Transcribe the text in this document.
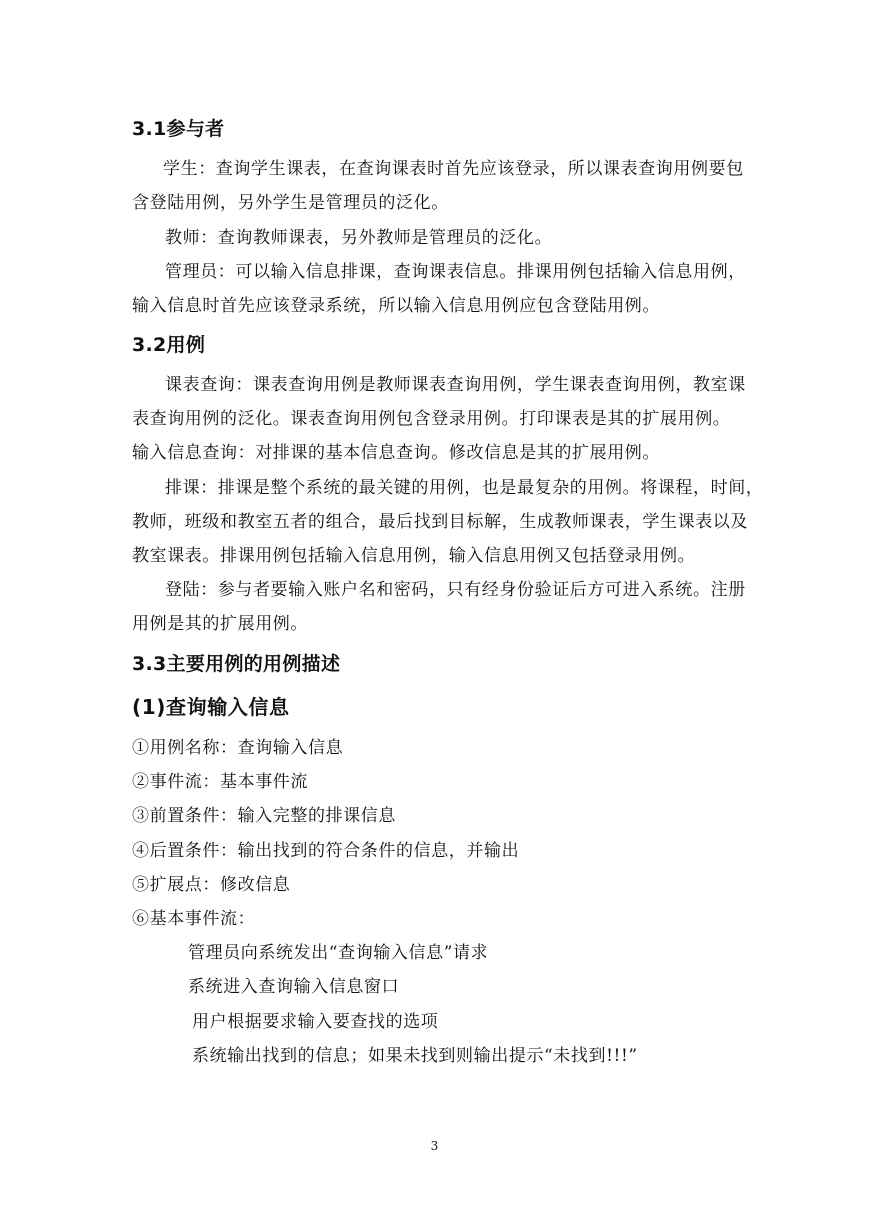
3.1参与者
学生：查询学生课表，在查询课表时首先应该登录，所以课表查询用例要包
含登陆用例，另外学生是管理员的泛化。
教师：查询教师课表，另外教师是管理员的泛化。
管理员：可以输入信息排课，查询课表信息。排课用例包括输入信息用例，
输入信息时首先应该登录系统，所以输入信息用例应包含登陆用例。
3.2用例
课表查询：课表查询用例是教师课表查询用例，学生课表查询用例，教室课
表查询用例的泛化。课表查询用例包含登录用例。打印课表是其的扩展用例。
输入信息查询：对排课的基本信息查询。修改信息是其的扩展用例。
排课：排课是整个系统的最关键的用例，也是最复杂的用例。将课程，时间，
教师，班级和教室五者的组合，最后找到目标解，生成教师课表，学生课表以及
教室课表。排课用例包括输入信息用例，输入信息用例又包括登录用例。
登陆：参与者要输入账户名和密码，只有经身份验证后方可进入系统。注册
用例是其的扩展用例。
3.3主要用例的用例描述
(1)查询输入信息
①用例名称：查询输入信息
②事件流：基本事件流
③前置条件：输入完整的排课信息
④后置条件：输出找到的符合条件的信息，并输出
⑤扩展点：修改信息
⑥基本事件流：
管理员向系统发出“查询输入信息”请求
系统进入查询输入信息窗口
用户根据要求输入要查找的选项
系统输出找到的信息；如果未找到则输出提示“未找到!!!”
3
